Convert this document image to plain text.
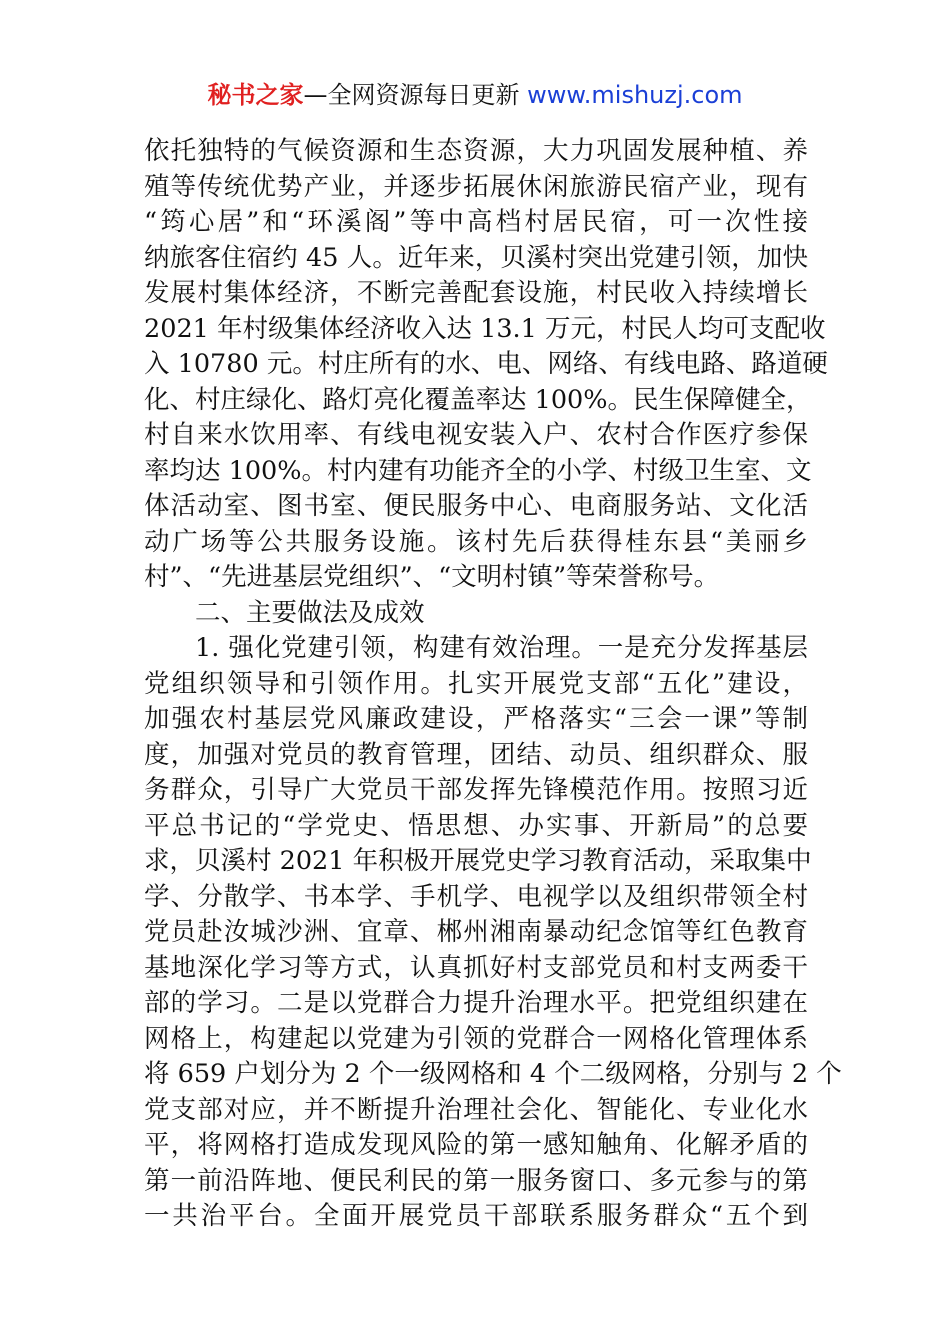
秘书之家—全网资源每日更新 www.mishuzj.com
依托独特的气候资源和生态资源，大力巩固发展种植、养
殖等传统优势产业，并逐步拓展休闲旅游民宿产业，现有
“筠心居”和“环溪阁”等中高档村居民宿，可一次性接
纳旅客住宿约 45 人。近年来，贝溪村突出党建引领，加快
发展村集体经济，不断完善配套设施，村民收入持续增长
2021 年村级集体经济收入达 13.1 万元，村民人均可支配收
入 10780 元。村庄所有的水、电、网络、有线电路、路道硬
化、村庄绿化、路灯亮化覆盖率达 100%。民生保障健全，
村自来水饮用率、有线电视安装入户、农村合作医疗参保
率均达 100%。村内建有功能齐全的小学、村级卫生室、文
体活动室、图书室、便民服务中心、电商服务站、文化活
动广场等公共服务设施。该村先后获得桂东县“美丽乡
村”、“先进基层党组织”、“文明村镇”等荣誉称号。
二、主要做法及成效
1. 强化党建引领，构建有效治理。一是充分发挥基层
党组织领导和引领作用。扎实开展党支部“五化”建设，
加强农村基层党风廉政建设，严格落实“三会一课”等制
度，加强对党员的教育管理，团结、动员、组织群众、服
务群众，引导广大党员干部发挥先锋模范作用。按照习近
平总书记的“学党史、悟思想、办实事、开新局”的总要
求，贝溪村 2021 年积极开展党史学习教育活动，采取集中
学、分散学、书本学、手机学、电视学以及组织带领全村
党员赴汝城沙洲、宜章、郴州湘南暴动纪念馆等红色教育
基地深化学习等方式，认真抓好村支部党员和村支两委干
部的学习。二是以党群合力提升治理水平。把党组织建在
网格上，构建起以党建为引领的党群合一网格化管理体系
将 659 户划分为 2 个一级网格和 4 个二级网格，分别与 2 个
党支部对应，并不断提升治理社会化、智能化、专业化水
平，将网格打造成发现风险的第一感知触角、化解矛盾的
第一前沿阵地、便民利民的第一服务窗口、多元参与的第
一共治平台。全面开展党员干部联系服务群众“五个到
